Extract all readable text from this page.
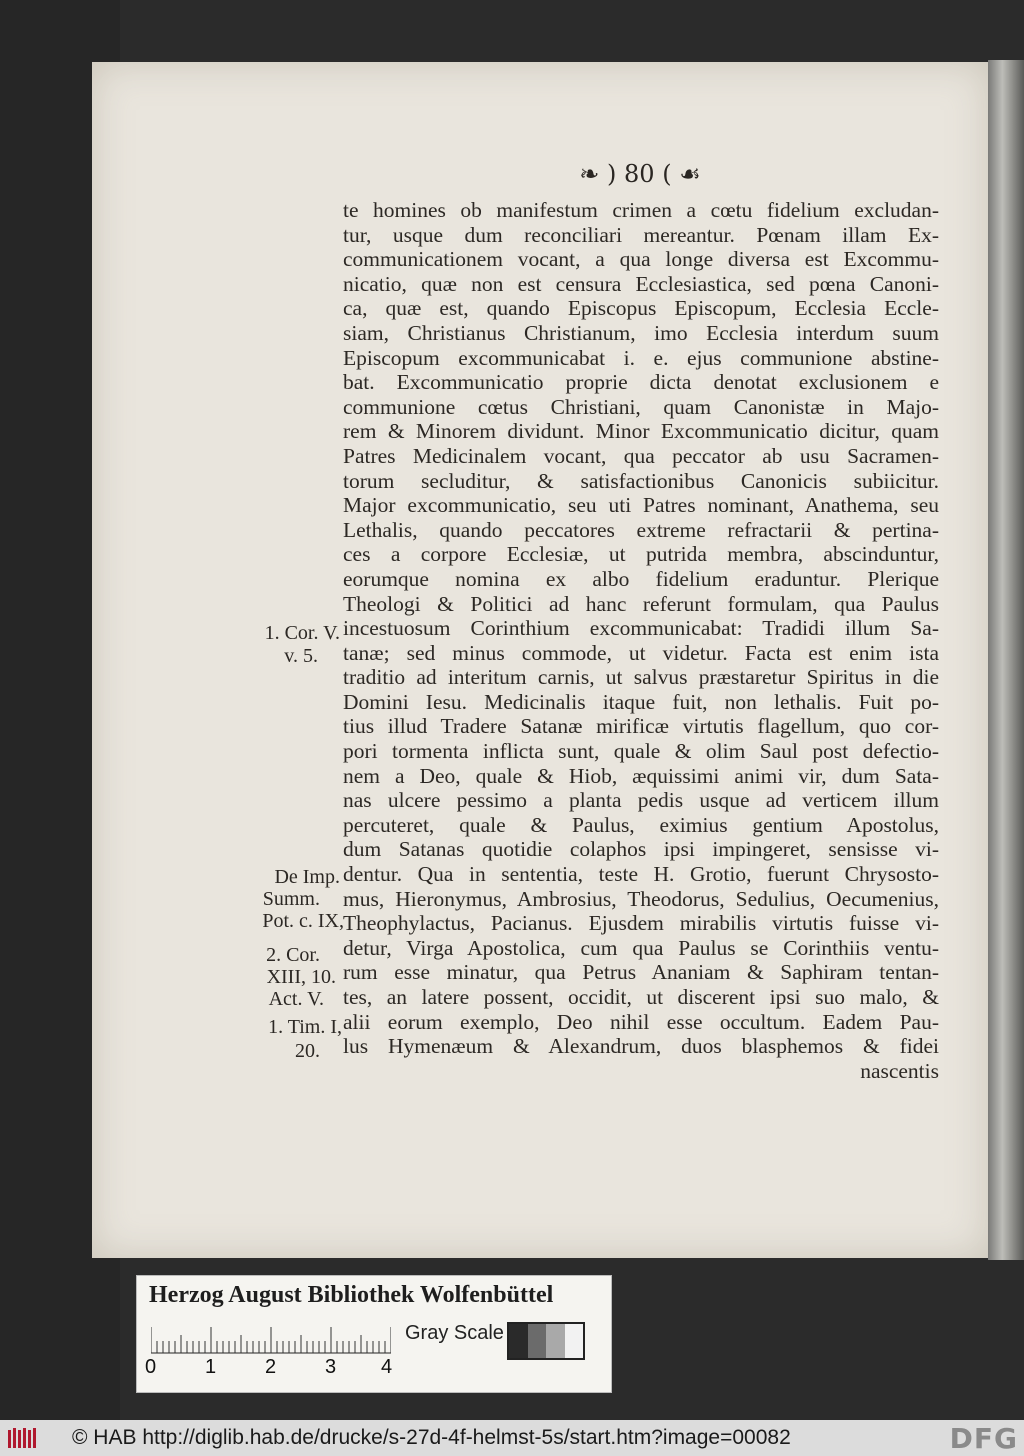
❧ ) 80 ( ☙
te homines ob manifestum crimen a cœtu fidelium excludan-
tur, usque dum reconciliari mereantur. Pœnam illam Ex-
communicationem vocant, a qua longe diversa est Excommu-
nicatio, quæ non est censura Ecclesiastica, sed pœna Canoni-
ca, quæ est, quando Episcopus Episcopum, Ecclesia Eccle-
siam, Christianus Christianum, imo Ecclesia interdum suum
Episcopum excommunicabat i. e. ejus communione abstine-
bat. Excommunicatio proprie dicta denotat exclusionem e
communione cœtus Christiani, quam Canonistæ in Majo-
rem & Minorem dividunt. Minor Excommunicatio dicitur, quam
Patres Medicinalem vocant, qua peccator ab usu Sacramen-
torum secluditur, & satisfactionibus Canonicis subiicitur.
Major excommunicatio, seu uti Patres nominant, Anathema, seu
Lethalis, quando peccatores extreme refractarii & pertina-
ces a corpore Ecclesiæ, ut putrida membra, abscinduntur,
eorumque nomina ex albo fidelium eraduntur. Plerique
Theologi & Politici ad hanc referunt formulam, qua Paulus
incestuosum Corinthium excommunicabat: Tradidi illum Sa-
tanæ; sed minus commode, ut videtur. Facta est enim ista
traditio ad interitum carnis, ut salvus præstaretur Spiritus in die
Domini Iesu. Medicinalis itaque fuit, non lethalis. Fuit po-
tius illud Tradere Satanæ mirificæ virtutis flagellum, quo cor-
pori tormenta inflicta sunt, quale & olim Saul post defectio-
nem a Deo, quale & Hiob, æquissimi animi vir, dum Sata-
nas ulcere pessimo a planta pedis usque ad verticem illum
percuteret, quale & Paulus, eximius gentium Apostolus,
dum Satanas quotidie colaphos ipsi impingeret, sensisse vi-
dentur. Qua in sententia, teste H. Grotio, fuerunt Chrysosto-
mus, Hieronymus, Ambrosius, Theodorus, Sedulius, Oecumenius,
Theophylactus, Pacianus. Ejusdem mirabilis virtutis fuisse vi-
detur, Virga Apostolica, cum qua Paulus se Corinthiis ventu-
rum esse minatur, qua Petrus Ananiam & Saphiram tentan-
tes, an latere possent, occidit, ut discerent ipsi suo malo, &
alii eorum exemplo, Deo nihil esse occultum. Eadem Pau-
lus Hymenæum & Alexandrum, duos blasphemos & fidei
nascentis
1. Cor. V.
v. 5.
De Imp.
Summ.
Pot. c. IX,
2. Cor.
XIII, 10.
Act. V.
1. Tim. I,
20.
Herzog August Bibliothek Wolfenbüttel
0 1 2 3 4
Gray Scale
© HAB http://diglib.hab.de/drucke/s-27d-4f-helmst-5s/start.htm?image=00082	DFG
